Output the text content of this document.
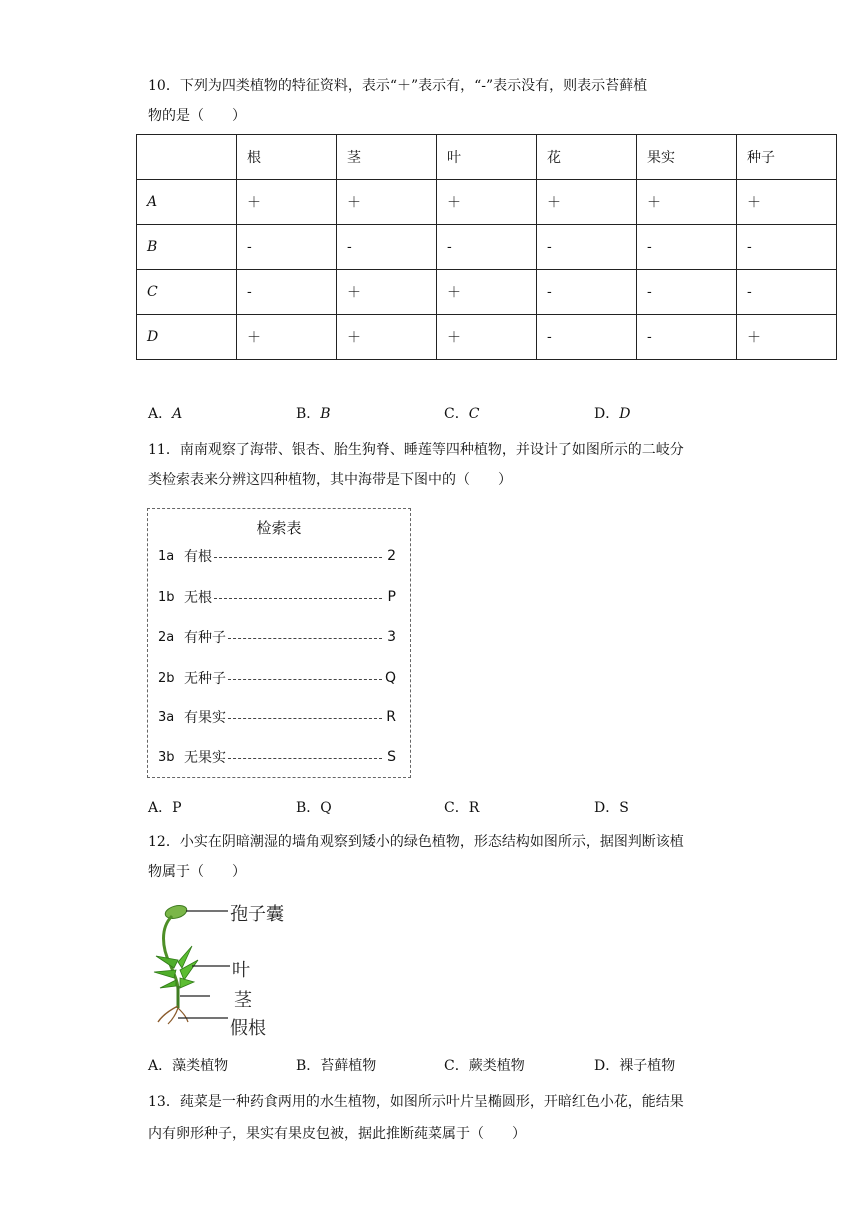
10．下列为四类植物的特征资料，表示“＋”表示有，“-”表示没有，则表示苔藓植
物的是（　　）
	根	茎	叶	花	果实	种子
A	＋	＋	＋	＋	＋	＋
B	-	-	-	-	-	-
C	-	＋	＋	-	-	-
D	＋	＋	＋	-	-	＋
A．A	B．B	C．C	D．D
11．南南观察了海带、银杏、胎生狗脊、睡莲等四种植物，并设计了如图所示的二岐分
类检索表来分辨这四种植物，其中海带是下图中的（　　）
检索表
1a 有根	2
1b 无根	P
2a 有种子	3
2b 无种子	Q
3a 有果实	R
3b 无果实	S
A．P	B．Q	C．R	D．S
12．小实在阴暗潮湿的墙角观察到矮小的绿色植物，形态结构如图所示，据图判断该植
物属于（　　）
孢子囊
叶
茎
假根
A．藻类植物	B．苔藓植物	C．蕨类植物	D．裸子植物
13．莼菜是一种药食两用的水生植物，如图所示叶片呈椭圆形，开暗红色小花，能结果
内有卵形种子，果实有果皮包被，据此推断莼菜属于（　　）
